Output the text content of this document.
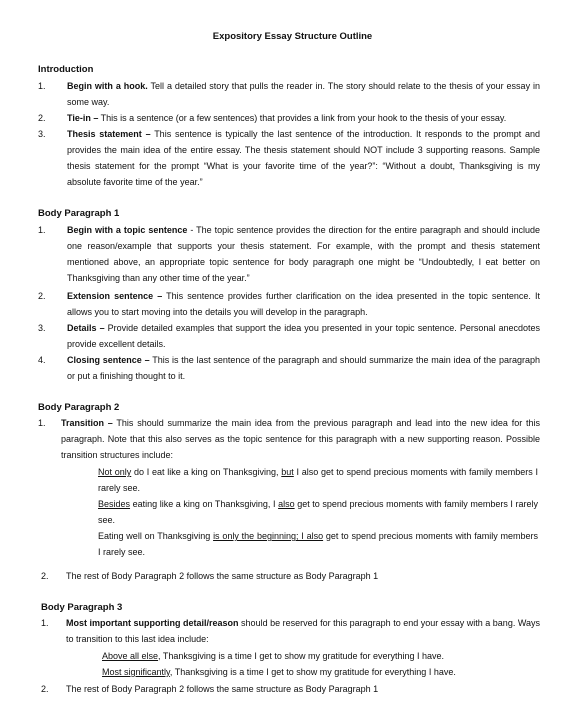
Expository Essay Structure Outline
Introduction
1.	Begin with a hook. Tell a detailed story that pulls the reader in. The story should relate to the thesis of your essay in some way.
2.	Tie-in – This is a sentence (or a few sentences) that provides a link from your hook to the thesis of your essay.
3.	Thesis statement – This sentence is typically the last sentence of the introduction. It responds to the prompt and provides the main idea of the entire essay. The thesis statement should NOT include 3 supporting reasons. Sample thesis statement for the prompt “What is your favorite time of the year?”: “Without a doubt, Thanksgiving is my absolute favorite time of the year.”
Body Paragraph 1
1.	Begin with a topic sentence - The topic sentence provides the direction for the entire paragraph and should include one reason/example that supports your thesis statement. For example, with the prompt and thesis statement mentioned above, an appropriate topic sentence for body paragraph one might be “Undoubtedly, I eat better on Thanksgiving than any other time of the year.”
2.	Extension sentence – This sentence provides further clarification on the idea presented in the topic sentence. It allows you to start moving into the details you will develop in the paragraph.
3.	Details – Provide detailed examples that support the idea you presented in your topic sentence. Personal anecdotes provide excellent details.
4.	Closing sentence – This is the last sentence of the paragraph and should summarize the main idea of the paragraph or put a finishing thought to it.
Body Paragraph 2
1.	Transition – This should summarize the main idea from the previous paragraph and lead into the new idea for this paragraph. Note that this also serves as the topic sentence for this paragraph with a new supporting reason. Possible transition structures include:
Not only do I eat like a king on Thanksgiving, but I also get to spend precious moments with family members I rarely see.
Besides eating like a king on Thanksgiving, I also get to spend precious moments with family members I rarely see.
Eating well on Thanksgiving is only the beginning; I also get to spend precious moments with family members I rarely see.
2.	The rest of Body Paragraph 2 follows the same structure as Body Paragraph 1
Body Paragraph 3
1.	Most important supporting detail/reason should be reserved for this paragraph to end your essay with a bang. Ways to transition to this last idea include:
Above all else, Thanksgiving is a time I get to show my gratitude for everything I have.
Most significantly, Thanksgiving is a time I get to show my gratitude for everything I have.
2.	The rest of Body Paragraph 2 follows the same structure as Body Paragraph 1
